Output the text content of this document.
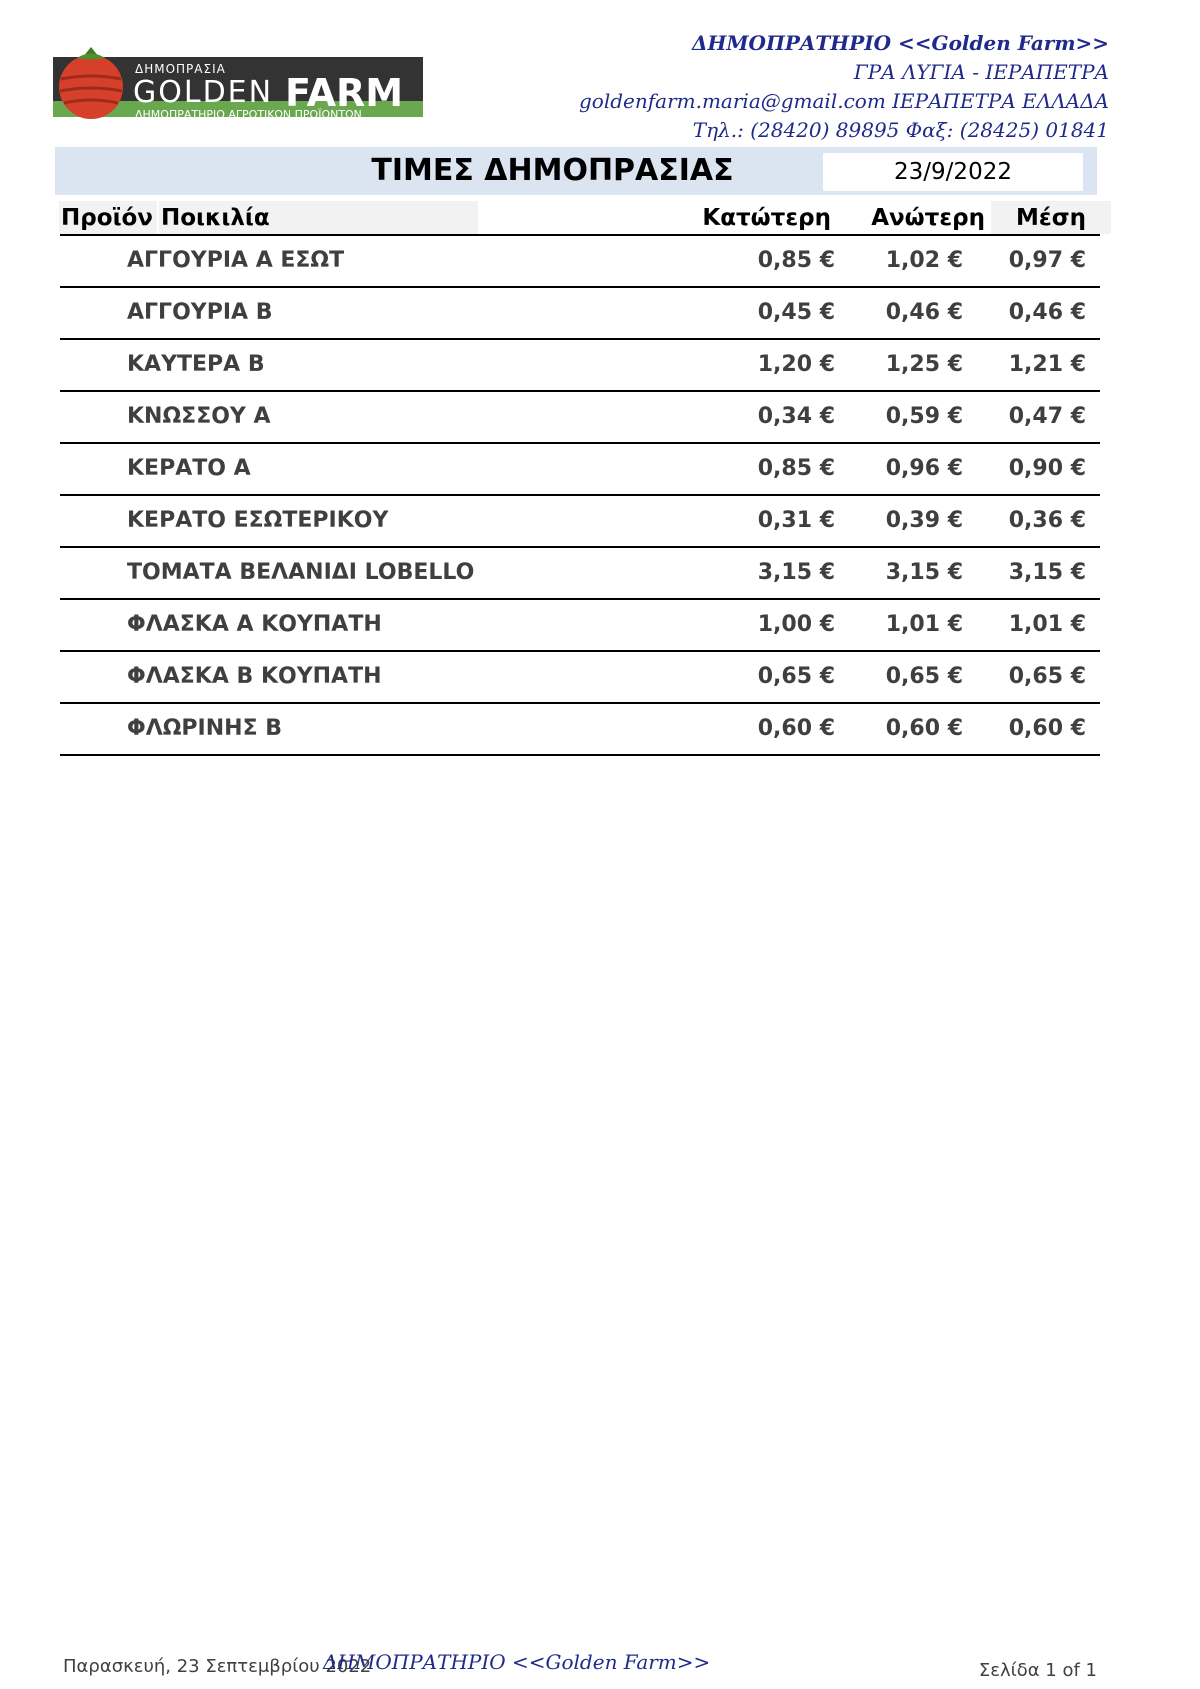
ΔΗΜΟΠΡΑΣΙΑ
GOLDEN FARM
ΔΗΜΟΠΡΑΤΗΡΙΟ ΑΓΡΟΤΙΚΩΝ ΠΡΟΪΟΝΤΩΝ
ΔΗΜΟΠΡΑΤΗΡΙΟ <<Golden Farm>>
ΓΡΑ ΛΥΓΙΑ - ΙΕΡΑΠΕΤΡΑ
goldenfarm.maria@gmail.com ΙΕΡΑΠΕΤΡΑ ΕΛΛΑΔΑ
Τηλ.: (28420) 89895 Φαξ: (28425) 01841
ΤΙΜΕΣ ΔΗΜΟΠΡΑΣΙΑΣ	23/9/2022
Προϊόν Ποικιλία	Κατώτερη	Ανώτερη	Μέση
ΑΓΓΟΥΡΙΑ Α ΕΣΩΤ	0,85 € 1,02 € 0,97 €
ΑΓΓΟΥΡΙΑ Β	0,45 € 0,46 € 0,46 €
ΚΑΥΤΕΡΑ Β	1,20 € 1,25 € 1,21 €
ΚΝΩΣΣΟΥ Α	0,34 € 0,59 € 0,47 €
ΚΕΡΑΤΟ Α	0,85 € 0,96 € 0,90 €
ΚΕΡΑΤΟ ΕΣΩΤΕΡΙΚΟΥ	0,31 € 0,39 € 0,36 €
ΤΟΜΑΤΑ ΒΕΛΑΝΙΔΙ LOBELLO	3,15 € 3,15 € 3,15 €
ΦΛΑΣΚΑ Α ΚΟΥΠΑΤΗ	1,00 € 1,01 € 1,01 €
ΦΛΑΣΚΑ Β ΚΟΥΠΑΤΗ	0,65 € 0,65 € 0,65 €
ΦΛΩΡΙΝΗΣ Β	0,60 € 0,60 € 0,60 €
Παρασκευή, 23 Σεπτεμβρίου 2022
ΔΗΜΟΠΡΑΤΗΡΙΟ <<Golden Farm>>	Σελίδα 1 of 1
